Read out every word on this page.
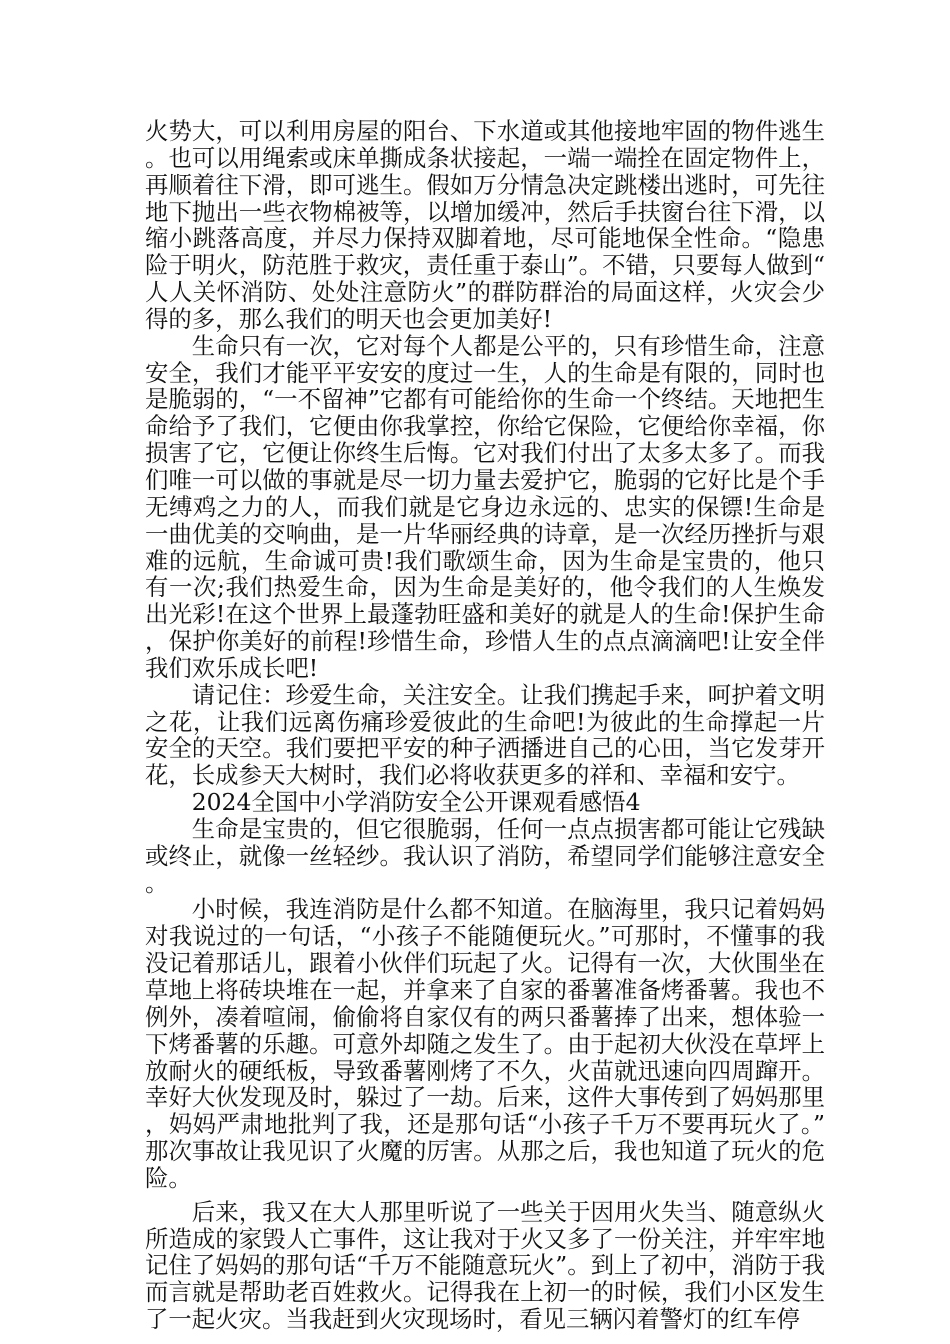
火势大，可以利用房屋的阳台、下水道或其他接地牢固的物件逃生。也可以用绳索或床单撕成条状接起，一端一端拴在固定物件上，再顺着往下滑，即可逃生。假如万分情急决定跳楼出逃时，可先往地下抛出一些衣物棉被等，以增加缓冲，然后手扶窗台往下滑，以缩小跳落高度，并尽力保持双脚着地，尽可能地保全性命。“隐患险于明火，防范胜于救灾，责任重于泰山”。不错，只要每人做到“人人关怀消防、处处注意防火”的群防群治的局面这样，火灾会少得的多，那么我们的明天也会更加美好!

生命只有一次，它对每个人都是公平的，只有珍惜生命，注意安全，我们才能平平安安的度过一生，人的生命是有限的，同时也是脆弱的，“一不留神”它都有可能给你的生命一个终结。天地把生命给予了我们，它便由你我掌控，你给它保险，它便给你幸福，你损害了它，它便让你终生后悔。它对我们付出了太多太多了。而我们唯一可以做的事就是尽一切力量去爱护它，脆弱的它好比是个手无缚鸡之力的人，而我们就是它身边永远的、忠实的保镖!生命是一曲优美的交响曲，是一片华丽经典的诗章，是一次经历挫折与艰难的远航，生命诚可贵!我们歌颂生命，因为生命是宝贵的，他只有一次;我们热爱生命，因为生命是美好的，他令我们的人生焕发出光彩!在这个世界上最蓬勃旺盛和美好的就是人的生命!保护生命，保护你美好的前程!珍惜生命，珍惜人生的点点滴滴吧!让安全伴我们欢乐成长吧!

请记住：珍爱生命，关注安全。让我们携起手来，呵护着文明之花，让我们远离伤痛珍爱彼此的生命吧!为彼此的生命撑起一片安全的天空。我们要把平安的种子洒播进自己的心田，当它发芽开花，长成参天大树时，我们必将收获更多的祥和、幸福和安宁。

2024全国中小学消防安全公开课观看感悟4

生命是宝贵的，但它很脆弱，任何一点点损害都可能让它残缺或终止，就像一丝轻纱。我认识了消防，希望同学们能够注意安全。

小时候，我连消防是什么都不知道。在脑海里，我只记着妈妈对我说过的一句话，“小孩子不能随便玩火。”可那时，不懂事的我没记着那话儿，跟着小伙伴们玩起了火。记得有一次，大伙围坐在草地上将砖块堆在一起，并拿来了自家的番薯准备烤番薯。我也不例外，凑着喧闹，偷偷将自家仅有的两只番薯捧了出来，想体验一下烤番薯的乐趣。可意外却随之发生了。由于起初大伙没在草坪上放耐火的硬纸板，导致番薯刚烤了不久，火苗就迅速向四周蹿开。幸好大伙发现及时，躲过了一劫。后来，这件大事传到了妈妈那里，妈妈严肃地批判了我，还是那句话“小孩子千万不要再玩火了。”那次事故让我见识了火魔的厉害。从那之后，我也知道了玩火的危险。

后来，我又在大人那里听说了一些关于因用火失当、随意纵火所造成的家毁人亡事件，这让我对于火又多了一份关注，并牢牢地记住了妈妈的那句话“千万不能随意玩火”。到上了初中，消防于我而言就是帮助老百姓救火。记得我在上初一的时候，我们小区发生了一起火灾。当我赶到火灾现场时，看见三辆闪着警灯的红车停
